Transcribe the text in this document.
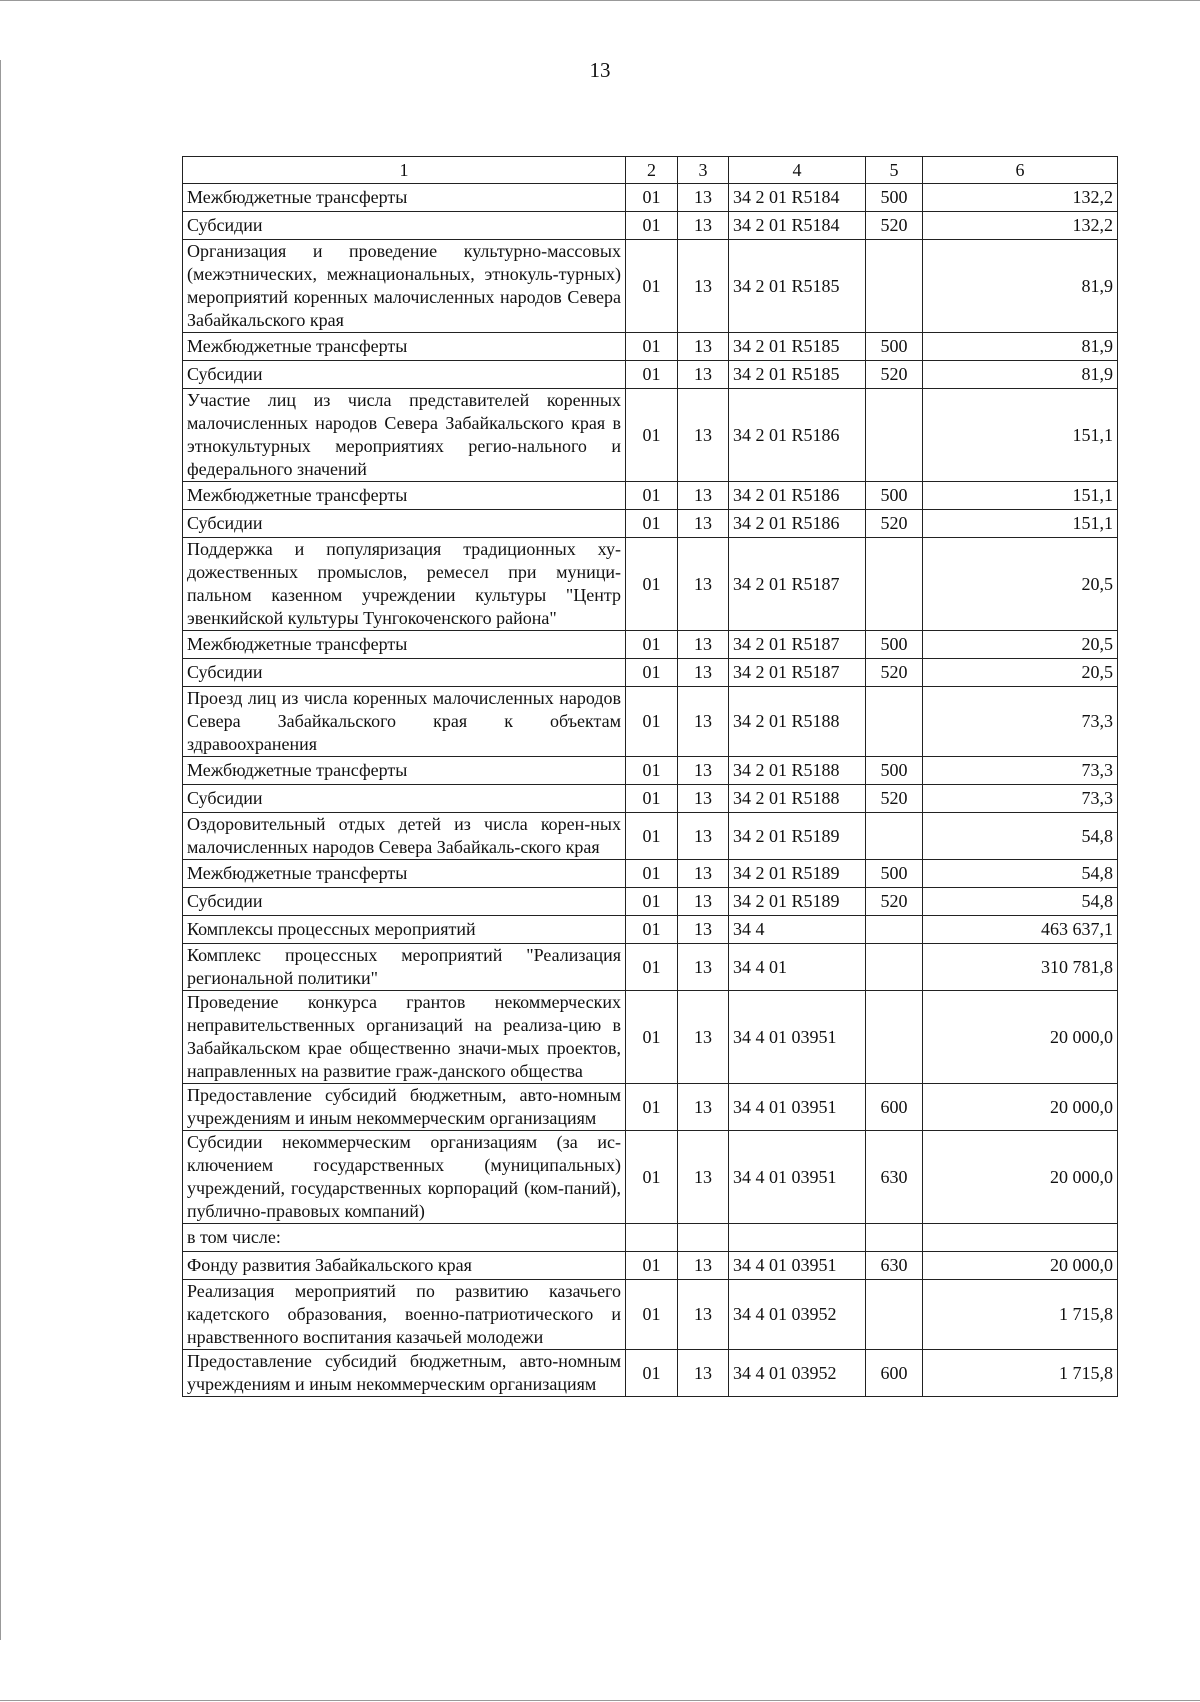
13
1	2	3	4	5	6
Межбюджетные трансферты	01	13	34 2 01 R5184	500	132,2
Субсидии	01	13	34 2 01 R5184	520	132,2
Организация и проведение культурно-массовых (межэтнических, межнациональных, этнокуль-турных) мероприятий коренных малочисленных народов Севера Забайкальского края	01	13	34 2 01 R5185		81,9
Межбюджетные трансферты	01	13	34 2 01 R5185	500	81,9
Субсидии	01	13	34 2 01 R5185	520	81,9
Участие лиц из числа представителей коренных малочисленных народов Севера Забайкальского края в этнокультурных мероприятиях регио-нального и федерального значений	01	13	34 2 01 R5186		151,1
Межбюджетные трансферты	01	13	34 2 01 R5186	500	151,1
Субсидии	01	13	34 2 01 R5186	520	151,1
Поддержка и популяризация традиционных ху-дожественных промыслов, ремесел при муници-пальном казенном учреждении культуры "Центр эвенкийской культуры Тунгокоченского района"	01	13	34 2 01 R5187		20,5
Межбюджетные трансферты	01	13	34 2 01 R5187	500	20,5
Субсидии	01	13	34 2 01 R5187	520	20,5
Проезд лиц из числа коренных малочисленных народов Севера Забайкальского края к объектам здравоохранения	01	13	34 2 01 R5188		73,3
Межбюджетные трансферты	01	13	34 2 01 R5188	500	73,3
Субсидии	01	13	34 2 01 R5188	520	73,3
Оздоровительный отдых детей из числа корен-ных малочисленных народов Севера Забайкаль-ского края	01	13	34 2 01 R5189		54,8
Межбюджетные трансферты	01	13	34 2 01 R5189	500	54,8
Субсидии	01	13	34 2 01 R5189	520	54,8
Комплексы процессных мероприятий	01	13	34 4		463 637,1
Комплекс процессных мероприятий "Реализация региональной политики"	01	13	34 4 01		310 781,8
Проведение конкурса грантов некоммерческих неправительственных организаций на реализа-цию в Забайкальском крае общественно значи-мых проектов, направленных на развитие граж-данского общества	01	13	34 4 01 03951		20 000,0
Предоставление субсидий бюджетным, авто-номным учреждениям и иным некоммерческим организациям	01	13	34 4 01 03951	600	20 000,0
Субсидии некоммерческим организациям (за ис-ключением государственных (муниципальных) учреждений, государственных корпораций (ком-паний), публично-правовых компаний)	01	13	34 4 01 03951	630	20 000,0
в том числе:					
Фонду развития Забайкальского края	01	13	34 4 01 03951	630	20 000,0
Реализация мероприятий по развитию казачьего кадетского образования, военно-патриотического и нравственного воспитания казачьей молодежи	01	13	34 4 01 03952		1 715,8
Предоставление субсидий бюджетным, авто-номным учреждениям и иным некоммерческим организациям	01	13	34 4 01 03952	600	1 715,8
